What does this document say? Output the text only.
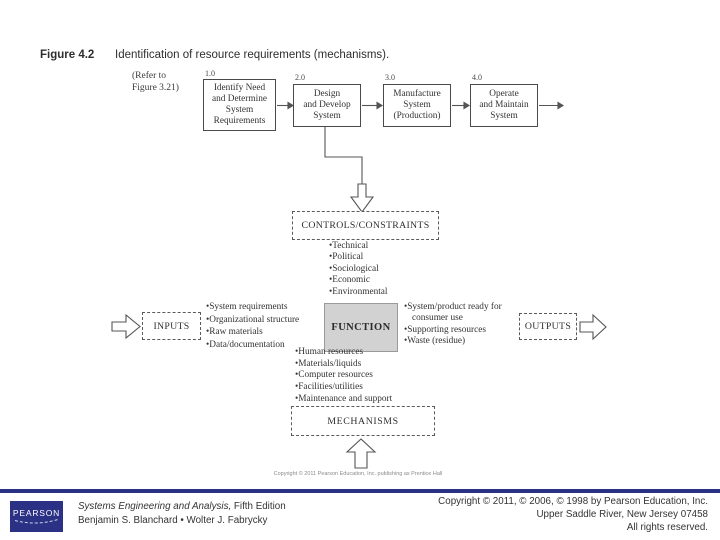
Figure 4.2 Identification of resource requirements (mechanisms).
(Refer to
Figure 3.21)
1.0
Identify Need
and Determine
System
Requirements
2.0
Design
and Develop
System
3.0
Manufacture
System
(Production)
4.0
Operate
and Maintain
System
CONTROLS/CONSTRAINTS
• Technical
• Political
• Sociological
• Economic
• Environmental
INPUTS
• System requirements
• Organizational structure
• Raw materials
• Data/documentation
FUNCTION
• System/product ready for consumer use
• Supporting resources
• Waste (residue)
OUTPUTS
• Human resources
• Materials/liquids
• Computer resources
• Facilities/utilities
• Maintenance and support
MECHANISMS
Copyright © 2011 Pearson Education, Inc. publishing as Prentice Hall
PEARSON
Systems Engineering and Analysis, Fifth Edition
Benjamin S. Blanchard • Wolter J. Fabrycky
Copyright © 2011, © 2006, © 1998 by Pearson Education, Inc.
Upper Saddle River, New Jersey 07458
All rights reserved.
